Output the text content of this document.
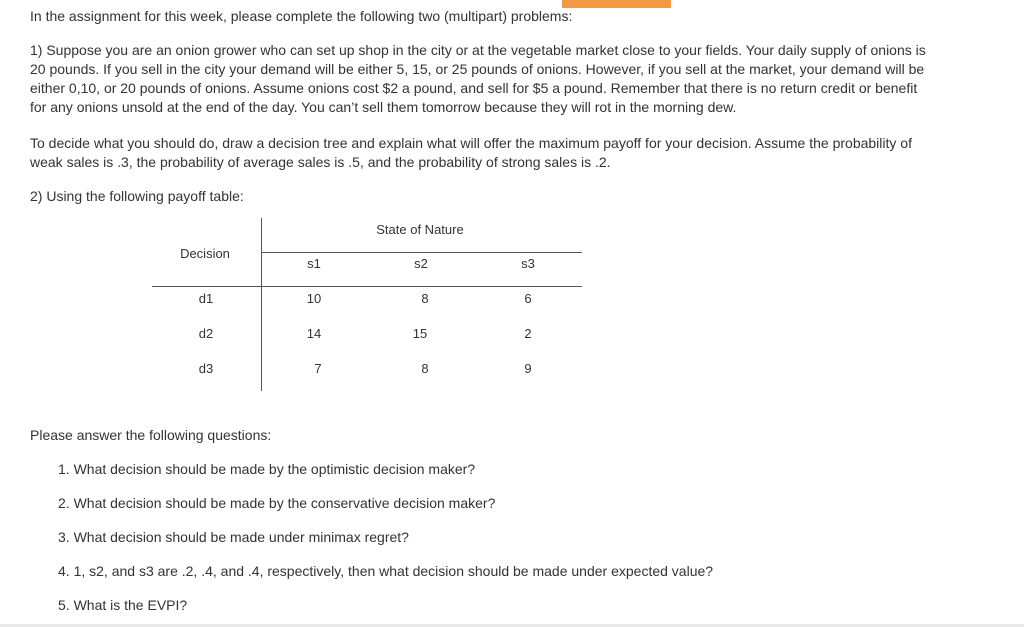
In the assignment for this week, please complete the following two (multipart) problems:
1) Suppose you are an onion grower who can set up shop in the city or at the vegetable market close to your fields. Your daily supply of onions is
20 pounds. If you sell in the city your demand will be either 5, 15, or 25 pounds of onions. However, if you sell at the market, your demand will be
either 0,10, or 20 pounds of onions. Assume onions cost $2 a pound, and sell for $5 a pound. Remember that there is no return credit or benefit
for any onions unsold at the end of the day. You can’t sell them tomorrow because they will rot in the morning dew.
To decide what you should do, draw a decision tree and explain what will offer the maximum payoff for your decision. Assume the probability of
weak sales is .3, the probability of average sales is .5, and the probability of strong sales is .2.
2) Using the following payoff table:
State of Nature
Decision
s1	s2	s3
d1	10	8	6
d2	14	15	2
d3	7	8	9
Please answer the following questions:
1. What decision should be made by the optimistic decision maker?
2. What decision should be made by the conservative decision maker?
3. What decision should be made under minimax regret?
4. 1, s2, and s3 are .2, .4, and .4, respectively, then what decision should be made under expected value?
5. What is the EVPI?
